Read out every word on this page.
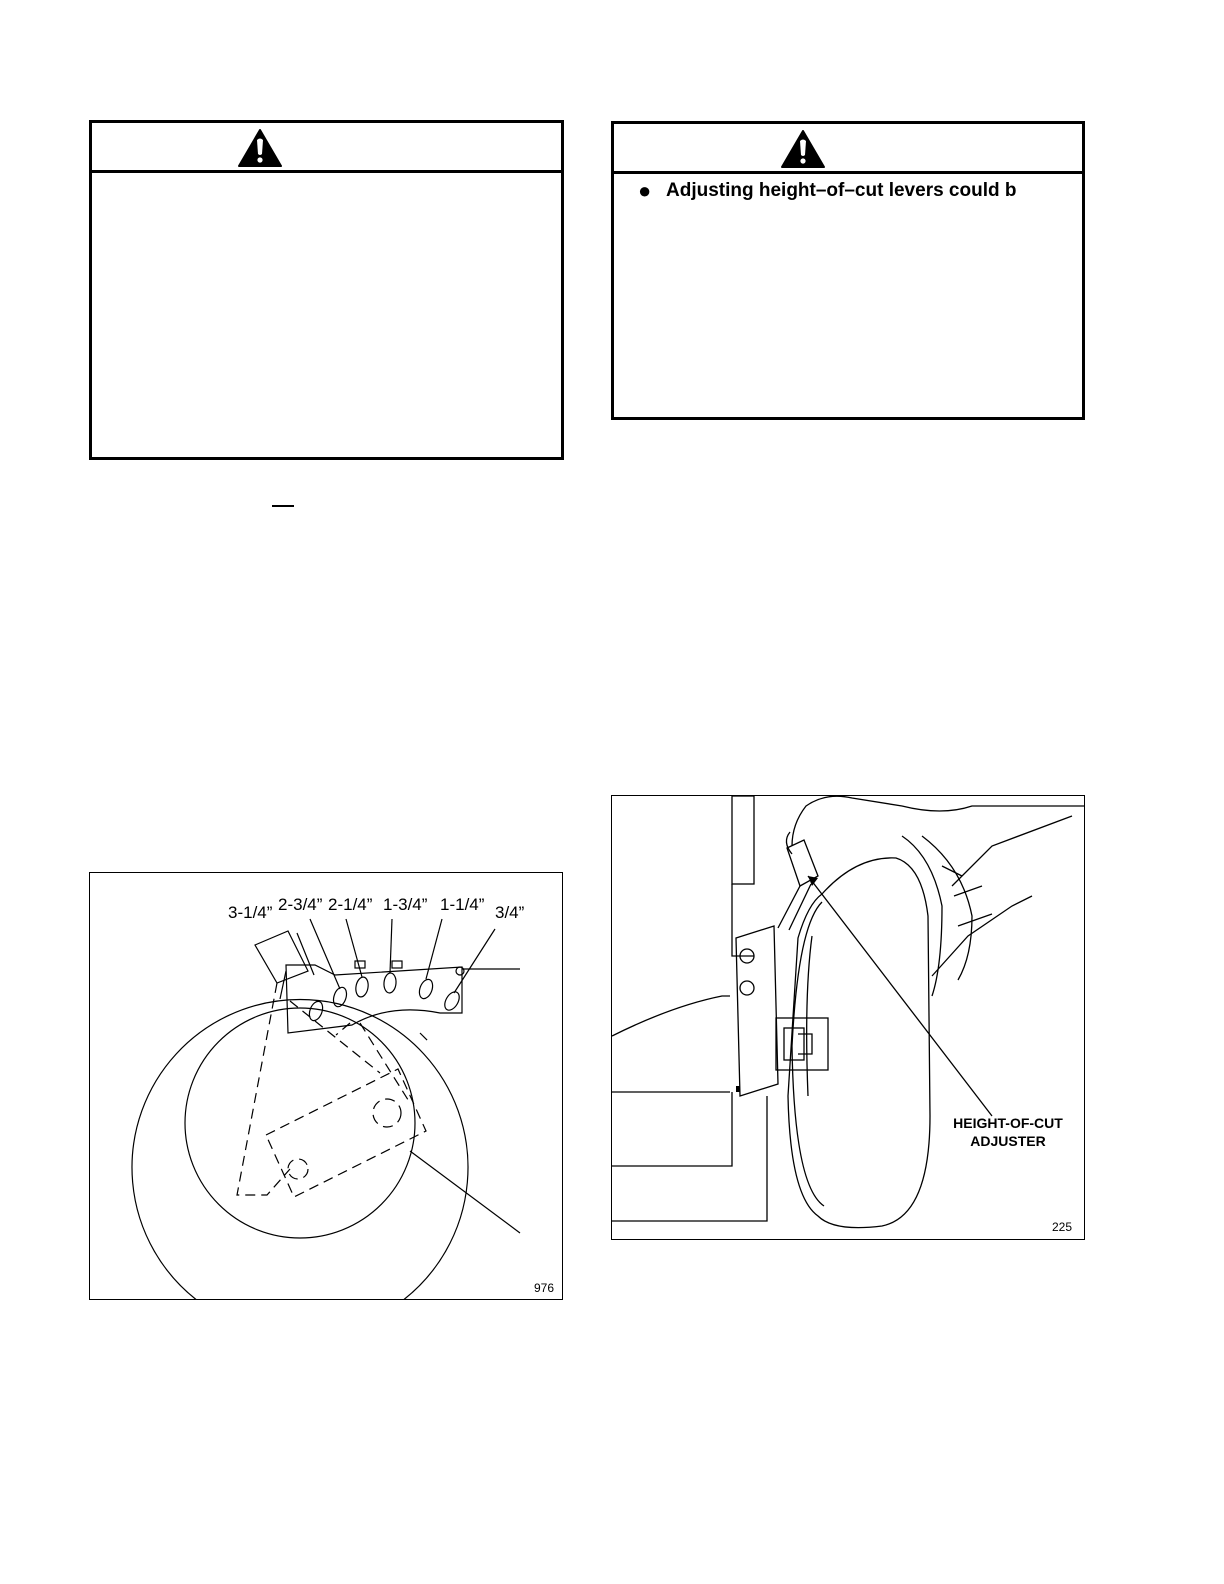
● Adjusting height–of–cut levers could b
3-1/4” 2-3/4” 2-1/4” 1-3/4” 1-1/4” 3/4”
976
HEIGHT-OF-CUT
ADJUSTER
225
